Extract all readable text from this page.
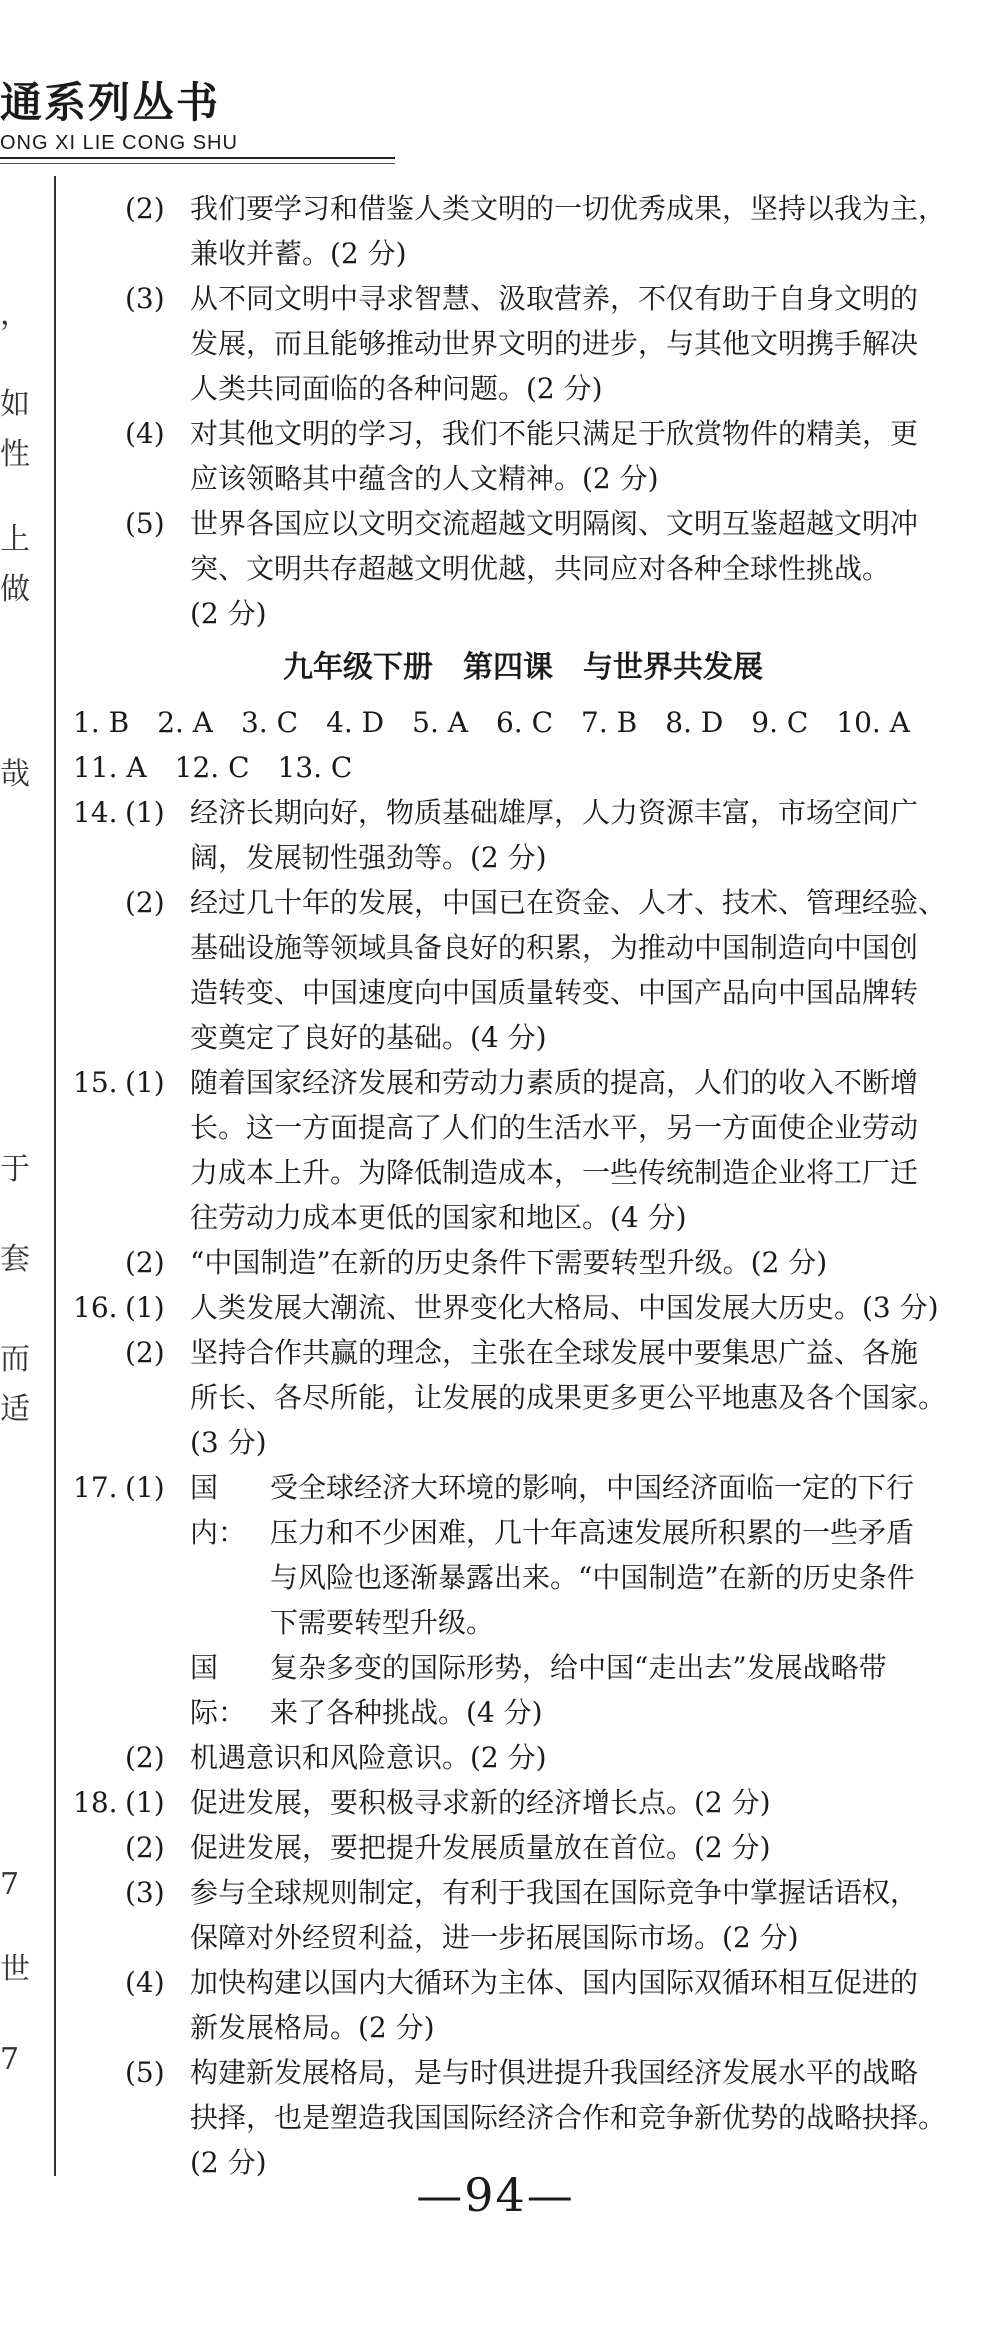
通系列丛书
ONG XI LIE CONG SHU
，
如
性
上
做
哉
于
套
而
适
7
世
7
(2) 我们要学习和借鉴人类文明的一切优秀成果，坚持以我为主，
兼收并蓄。(2 分)
(3) 从不同文明中寻求智慧、汲取营养，不仅有助于自身文明的
发展，而且能够推动世界文明的进步，与其他文明携手解决
人类共同面临的各种问题。(2 分)
(4) 对其他文明的学习，我们不能只满足于欣赏物件的精美，更
应该领略其中蕴含的人文精神。(2 分)
(5) 世界各国应以文明交流超越文明隔阂、文明互鉴超越文明冲
突、文明共存超越文明优越，共同应对各种全球性挑战。
(2 分)
九年级下册　第四课　与世界共发展
1. B　2. A　3. C　4. D　5. A　6. C　7. B　8. D　9. C　10. A
11. A　12. C　13. C
14. (1) 经济长期向好，物质基础雄厚，人力资源丰富，市场空间广
阔，发展韧性强劲等。(2 分)
(2) 经过几十年的发展，中国已在资金、人才、技术、管理经验、
基础设施等领域具备良好的积累，为推动中国制造向中国创
造转变、中国速度向中国质量转变、中国产品向中国品牌转
变奠定了良好的基础。(4 分)
15. (1) 随着国家经济发展和劳动力素质的提高，人们的收入不断增
长。这一方面提高了人们的生活水平，另一方面使企业劳动
力成本上升。为降低制造成本，一些传统制造企业将工厂迁
往劳动力成本更低的国家和地区。(4 分)
(2) “中国制造”在新的历史条件下需要转型升级。(2 分)
16. (1) 人类发展大潮流、世界变化大格局、中国发展大历史。(3 分)
(2) 坚持合作共赢的理念，主张在全球发展中要集思广益、各施
所长、各尽所能，让发展的成果更多更公平地惠及各个国家。
(3 分)
17. (1) 国内：
受全球经济大环境的影响，中国经济面临一定的下行
压力和不少困难，几十年高速发展所积累的一些矛盾
与风险也逐渐暴露出来。“中国制造”在新的历史条件
下需要转型升级。
国际：
复杂多变的国际形势，给中国“走出去”发展战略带
来了各种挑战。(4 分)
(2) 机遇意识和风险意识。(2 分)
18. (1) 促进发展，要积极寻求新的经济增长点。(2 分)
(2) 促进发展，要把提升发展质量放在首位。(2 分)
(3) 参与全球规则制定，有利于我国在国际竞争中掌握话语权，
保障对外经贸利益，进一步拓展国际市场。(2 分)
(4) 加快构建以国内大循环为主体、国内国际双循环相互促进的
新发展格局。(2 分)
(5) 构建新发展格局，是与时俱进提升我国经济发展水平的战略
抉择，也是塑造我国国际经济合作和竞争新优势的战略抉择。
(2 分)
—94—
